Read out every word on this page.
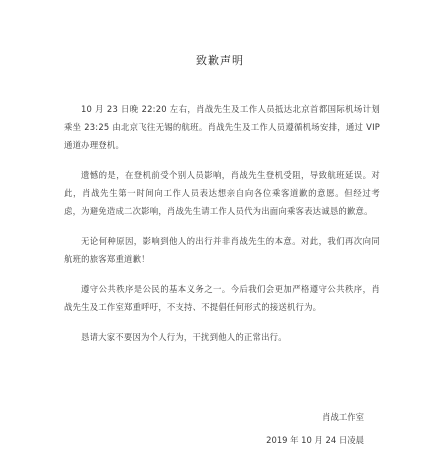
致歉声明

10 月 23 日晚 22:20 左右，肖战先生及工作人员抵达北京首都国际机场计划乘坐 23:25 由北京飞往无锡的航班。肖战先生及工作人员遵循机场安排，通过 VIP 通道办理登机。

遗憾的是，在登机前受个别人员影响，肖战先生登机受阻，导致航班延误。对此，肖战先生第一时间向工作人员表达想亲自向各位乘客道歉的意愿。但经过考虑，为避免造成二次影响，肖战先生请工作人员代为出面向乘客表达诚恳的歉意。

无论何种原因，影响到他人的出行并非肖战先生的本意。对此，我们再次向同航班的旅客郑重道歉！

遵守公共秩序是公民的基本义务之一。今后我们会更加严格遵守公共秩序，肖战先生及工作室郑重呼吁，不支持、不提倡任何形式的接送机行为。

恳请大家不要因为个人行为，干扰到他人的正常出行。

肖战工作室
2019 年 10 月 24 日凌晨
